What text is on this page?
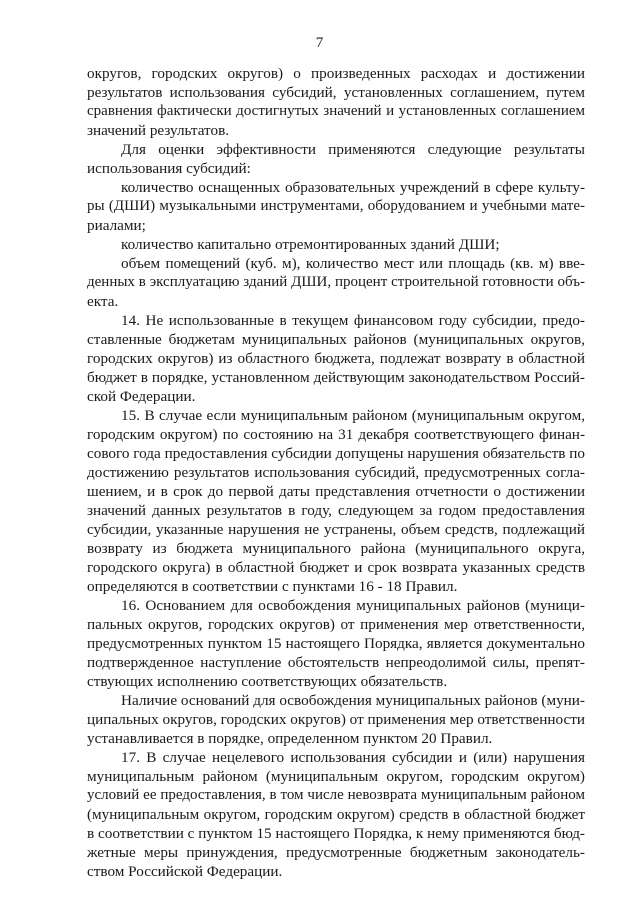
7
округов, городских округов) о произведенных расходах и достижении
результатов использования субсидий, установленных соглашением, путем
сравнения фактически достигнутых значений и установленных соглашением
значений результатов.
Для оценки эффективности применяются следующие результаты
использования субсидий:
количество оснащенных образовательных учреждений в сфере культу-
ры (ДШИ) музыкальными инструментами, оборудованием и учебными мате-
риалами;
количество капитально отремонтированных зданий ДШИ;
объем помещений (куб. м), количество мест или площадь (кв. м) вве-
денных в эксплуатацию зданий ДШИ, процент строительной готовности объ-
екта.
14. Не использованные в текущем финансовом году субсидии, предо-
ставленные бюджетам муниципальных районов (муниципальных округов,
городских округов) из областного бюджета, подлежат возврату в областной
бюджет в порядке, установленном действующим законодательством Россий-
ской Федерации.
15. В случае если муниципальным районом (муниципальным округом,
городским округом) по состоянию на 31 декабря соответствующего финан-
сового года предоставления субсидии допущены нарушения обязательств по
достижению результатов использования субсидий, предусмотренных согла-
шением, и в срок до первой даты представления отчетности о достижении
значений данных результатов в году, следующем за годом предоставления
субсидии, указанные нарушения не устранены, объем средств, подлежащий
возврату из бюджета муниципального района (муниципального округа,
городского округа) в областной бюджет и срок возврата указанных средств
определяются в соответствии с пунктами 16 - 18 Правил.
16. Основанием для освобождения муниципальных районов (муници-
пальных округов, городских округов) от применения мер ответственности,
предусмотренных пунктом 15 настоящего Порядка, является документально
подтвержденное наступление обстоятельств непреодолимой силы, препят-
ствующих исполнению соответствующих обязательств.
Наличие оснований для освобождения муниципальных районов (муни-
ципальных округов, городских округов) от применения мер ответственности
устанавливается в порядке, определенном пунктом 20 Правил.
17. В случае нецелевого использования субсидии и (или) нарушения
муниципальным районом (муниципальным округом, городским округом)
условий ее предоставления, в том числе невозврата муниципальным районом
(муниципальным округом, городским округом) средств в областной бюджет
в соответствии с пунктом 15 настоящего Порядка, к нему применяются бюд-
жетные меры принуждения, предусмотренные бюджетным законодатель-
ством Российской Федерации.
